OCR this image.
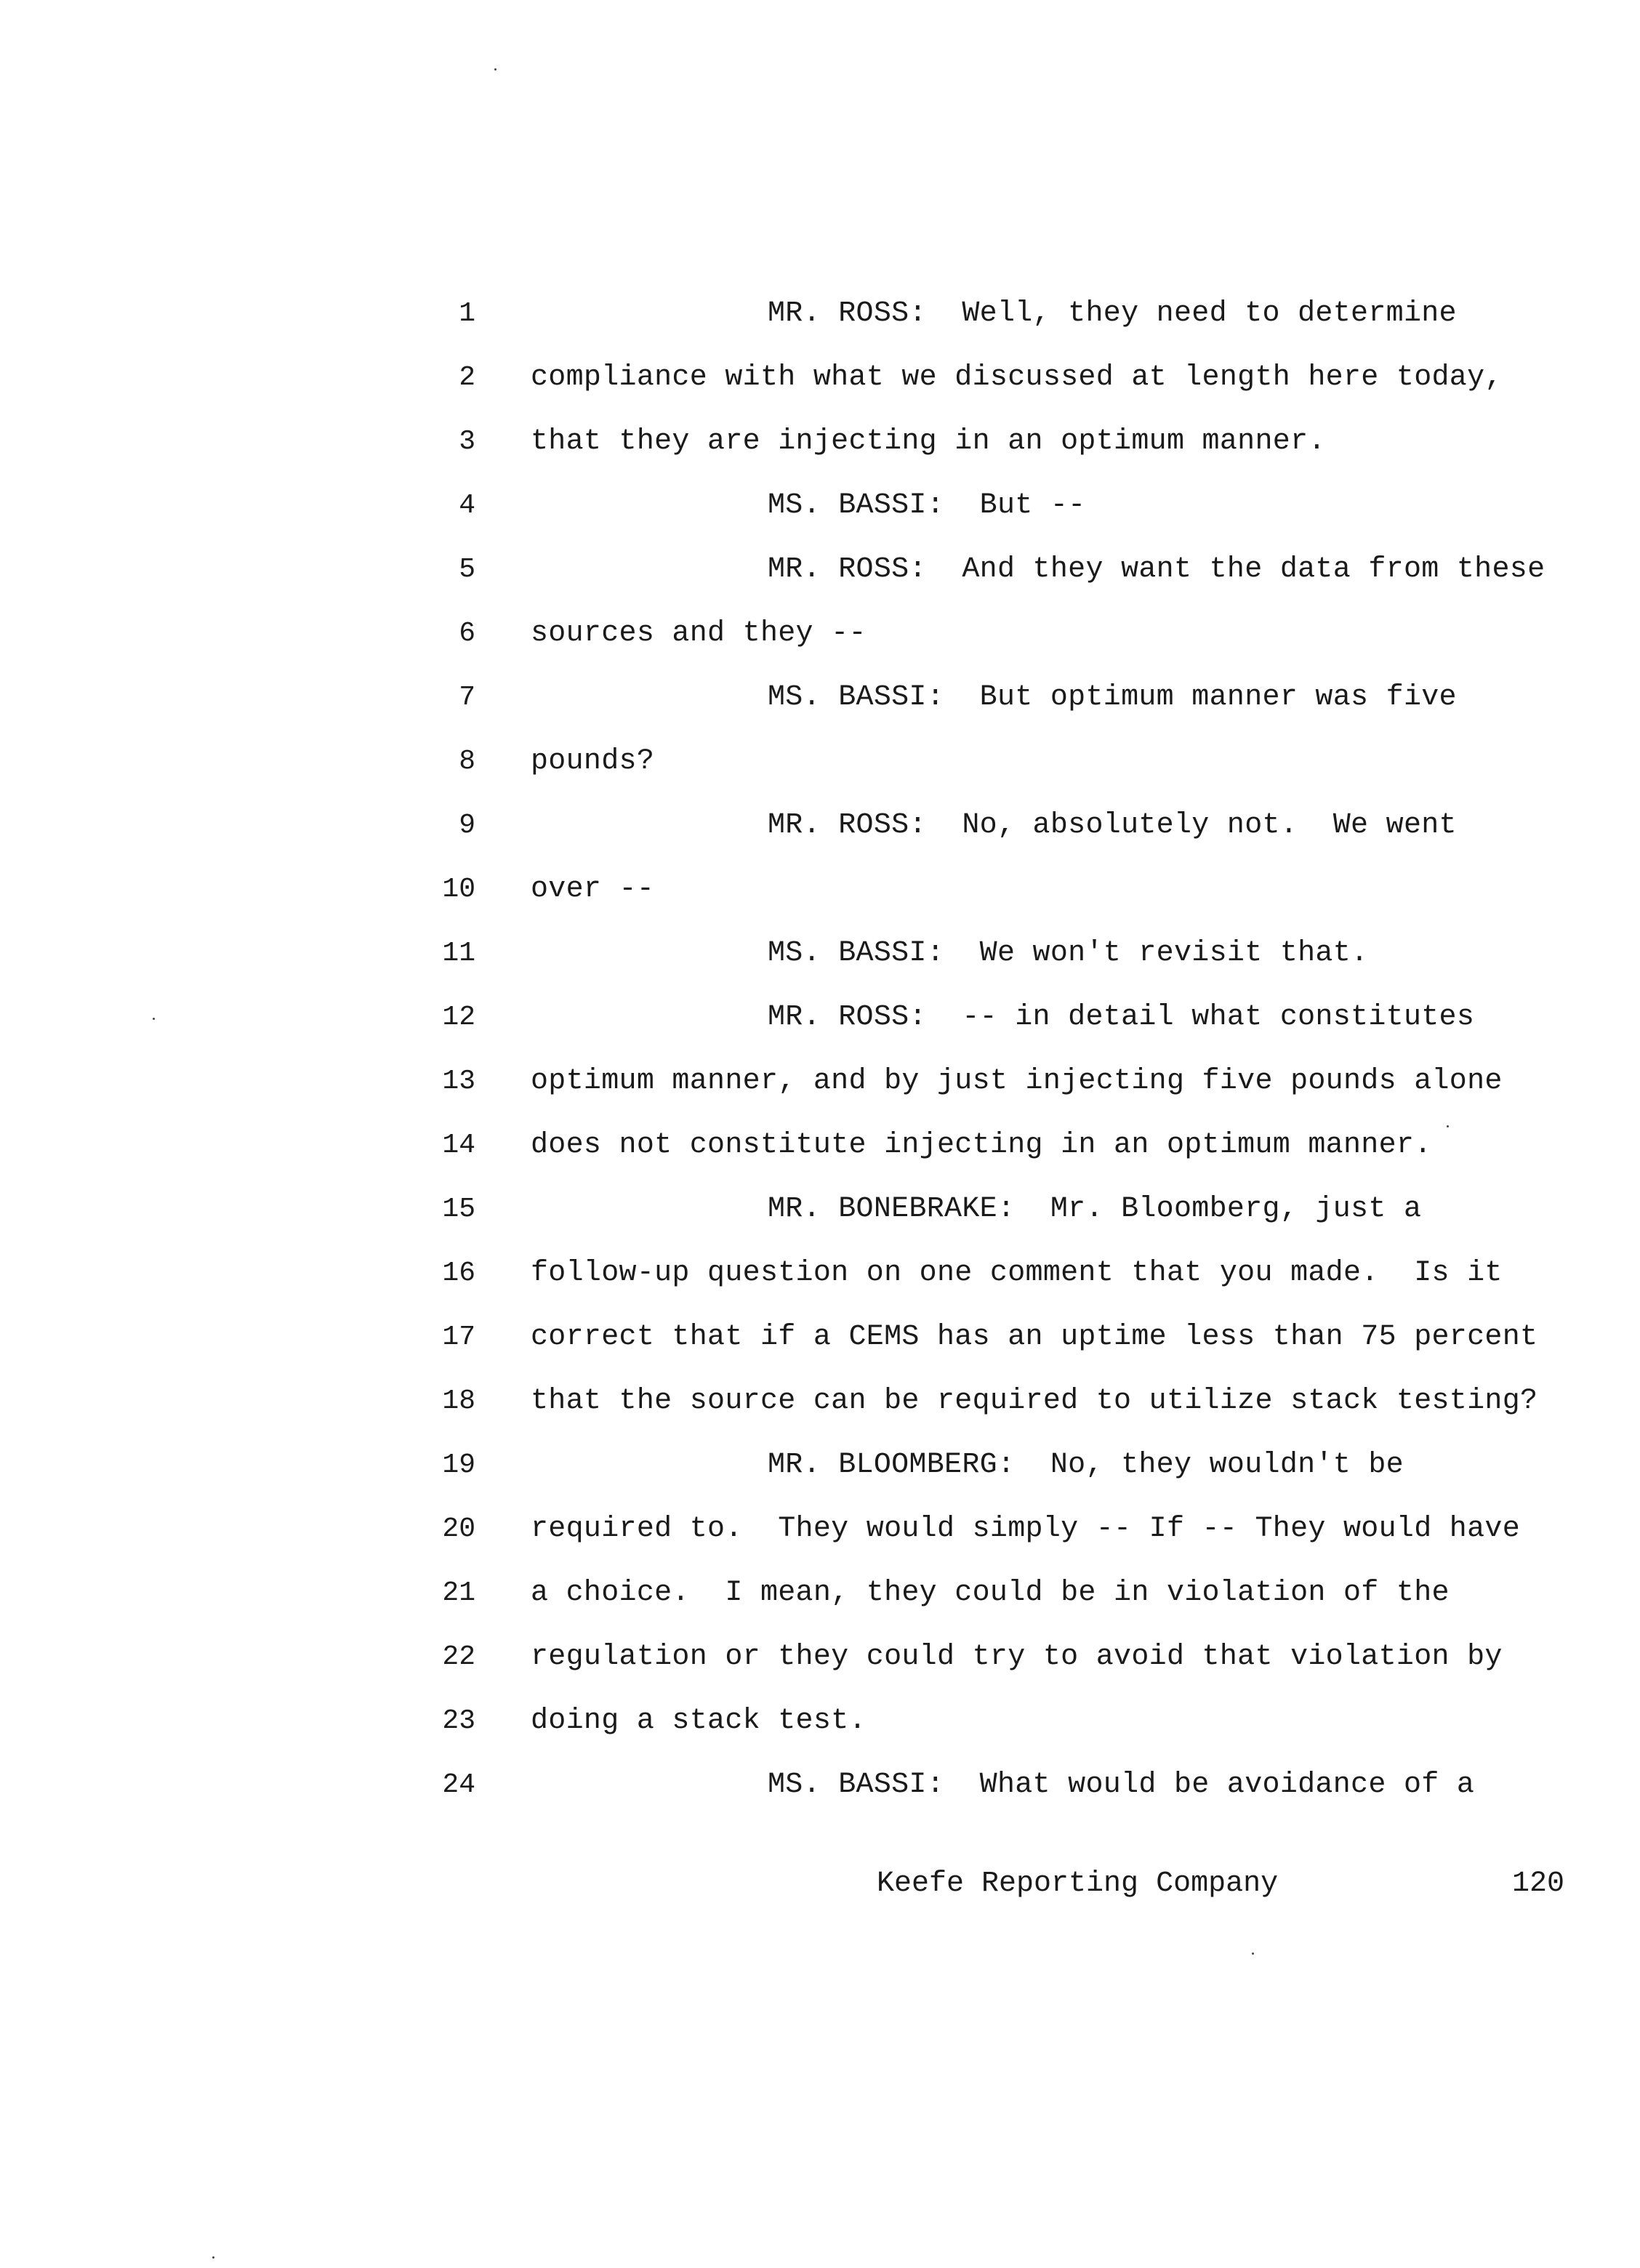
1	MR. ROSS:  Well, they need to determine
2 compliance with what we discussed at length here today,
3 that they are injecting in an optimum manner.
4	MS. BASSI:  But --
5	MR. ROSS:  And they want the data from these
6 sources and they --
7	MS. BASSI:  But optimum manner was five
8 pounds?
9	MR. ROSS:  No, absolutely not.  We went
10 over --
11	MS. BASSI:  We won't revisit that.
12	MR. ROSS:  -- in detail what constitutes
13 optimum manner, and by just injecting five pounds alone
14 does not constitute injecting in an optimum manner.
15	MR. BONEBRAKE:  Mr. Bloomberg, just a
16 follow-up question on one comment that you made.  Is it
17 correct that if a CEMS has an uptime less than 75 percent
18 that the source can be required to utilize stack testing?
19	MR. BLOOMBERG:  No, they wouldn't be
20 required to.  They would simply -- If -- They would have
21 a choice.  I mean, they could be in violation of the
22 regulation or they could try to avoid that violation by
23 doing a stack test.
24	MS. BASSI:  What would be avoidance of a
Keefe Reporting Company	120
